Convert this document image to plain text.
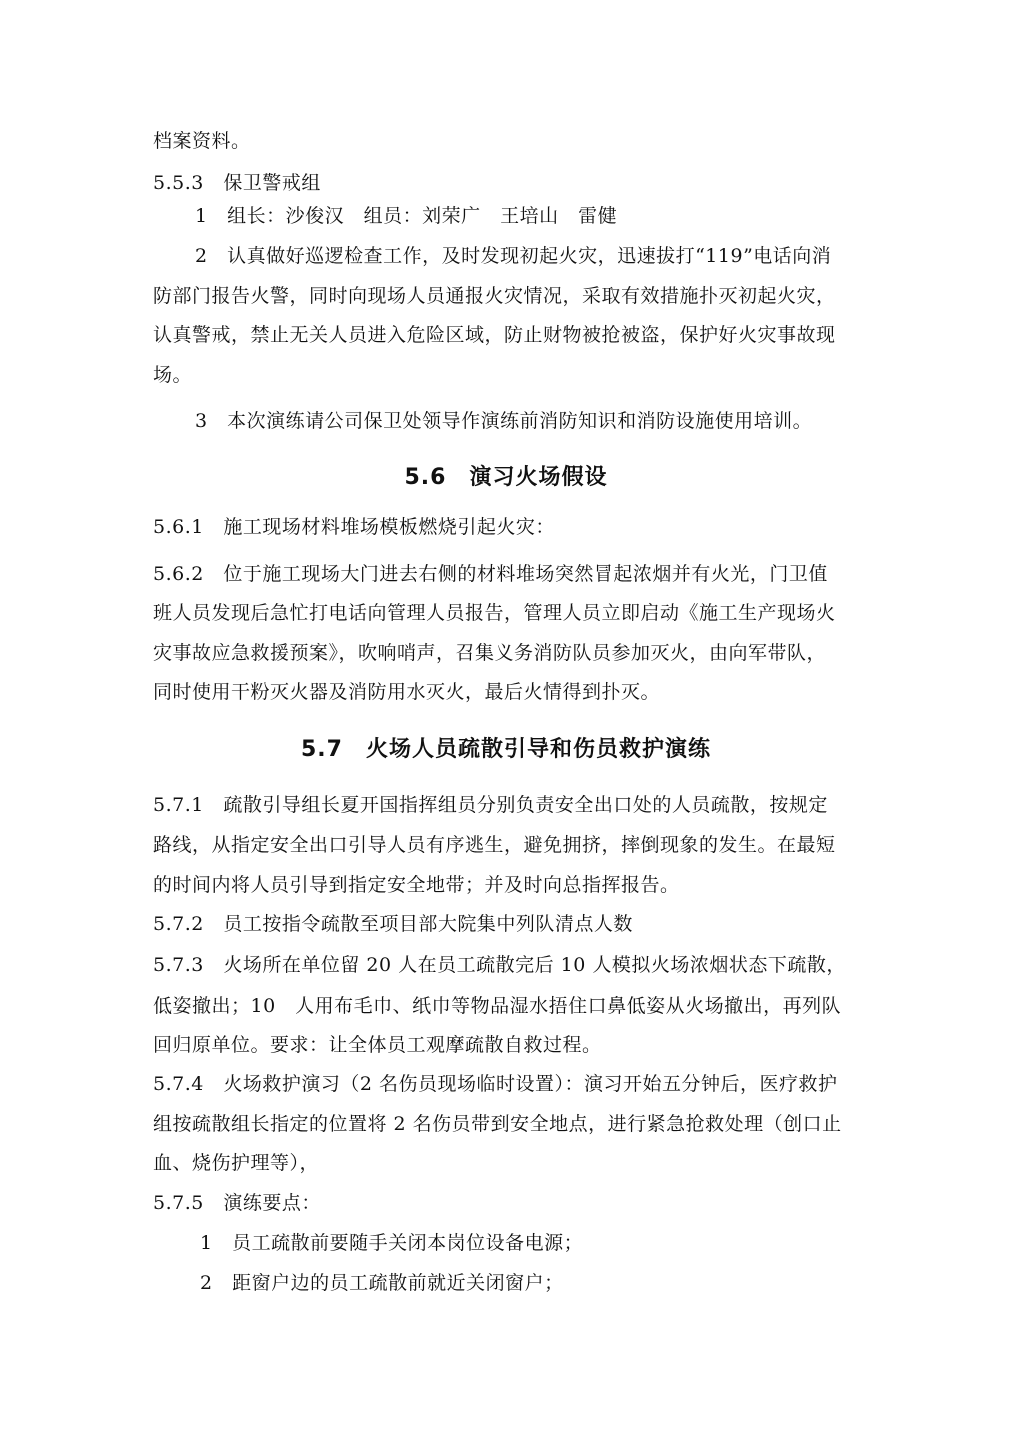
档案资料。
5.5.3　保卫警戒组
1　组长：沙俊汉　组员：刘荣广　王培山　雷健
2　认真做好巡逻检查工作，及时发现初起火灾，迅速拔打“119”电话向消
防部门报告火警，同时向现场人员通报火灾情况，采取有效措施扑灭初起火灾，
认真警戒，禁止无关人员进入危险区域，防止财物被抢被盗，保护好火灾事故现
场。
3　本次演练请公司保卫处领导作演练前消防知识和消防设施使用培训。
5.6　演习火场假设
5.6.1　施工现场材料堆场模板燃烧引起火灾：
5.6.2　位于施工现场大门进去右侧的材料堆场突然冒起浓烟并有火光，门卫值
班人员发现后急忙打电话向管理人员报告，管理人员立即启动《施工生产现场火
灾事故应急救援预案》，吹响哨声，召集义务消防队员参加灭火，由向军带队，
同时使用干粉灭火器及消防用水灭火，最后火情得到扑灭。
5.7　火场人员疏散引导和伤员救护演练
5.7.1　疏散引导组长夏开国指挥组员分别负责安全出口处的人员疏散，按规定
路线，从指定安全出口引导人员有序逃生，避免拥挤，摔倒现象的发生。在最短
的时间内将人员引导到指定安全地带；并及时向总指挥报告。
5.7.2　员工按指令疏散至项目部大院集中列队清点人数
5.7.3　火场所在单位留 20 人在员工疏散完后 10 人模拟火场浓烟状态下疏散，
低姿撤出；10　人用布毛巾、纸巾等物品湿水捂住口鼻低姿从火场撤出，再列队
回归原单位。要求：让全体员工观摩疏散自救过程。
5.7.4　火场救护演习（2 名伤员现场临时设置）：演习开始五分钟后，医疗救护
组按疏散组长指定的位置将 2 名伤员带到安全地点，进行紧急抢救处理（创口止
血、烧伤护理等），
5.7.5　演练要点：
1　员工疏散前要随手关闭本岗位设备电源；
2　距窗户边的员工疏散前就近关闭窗户；
